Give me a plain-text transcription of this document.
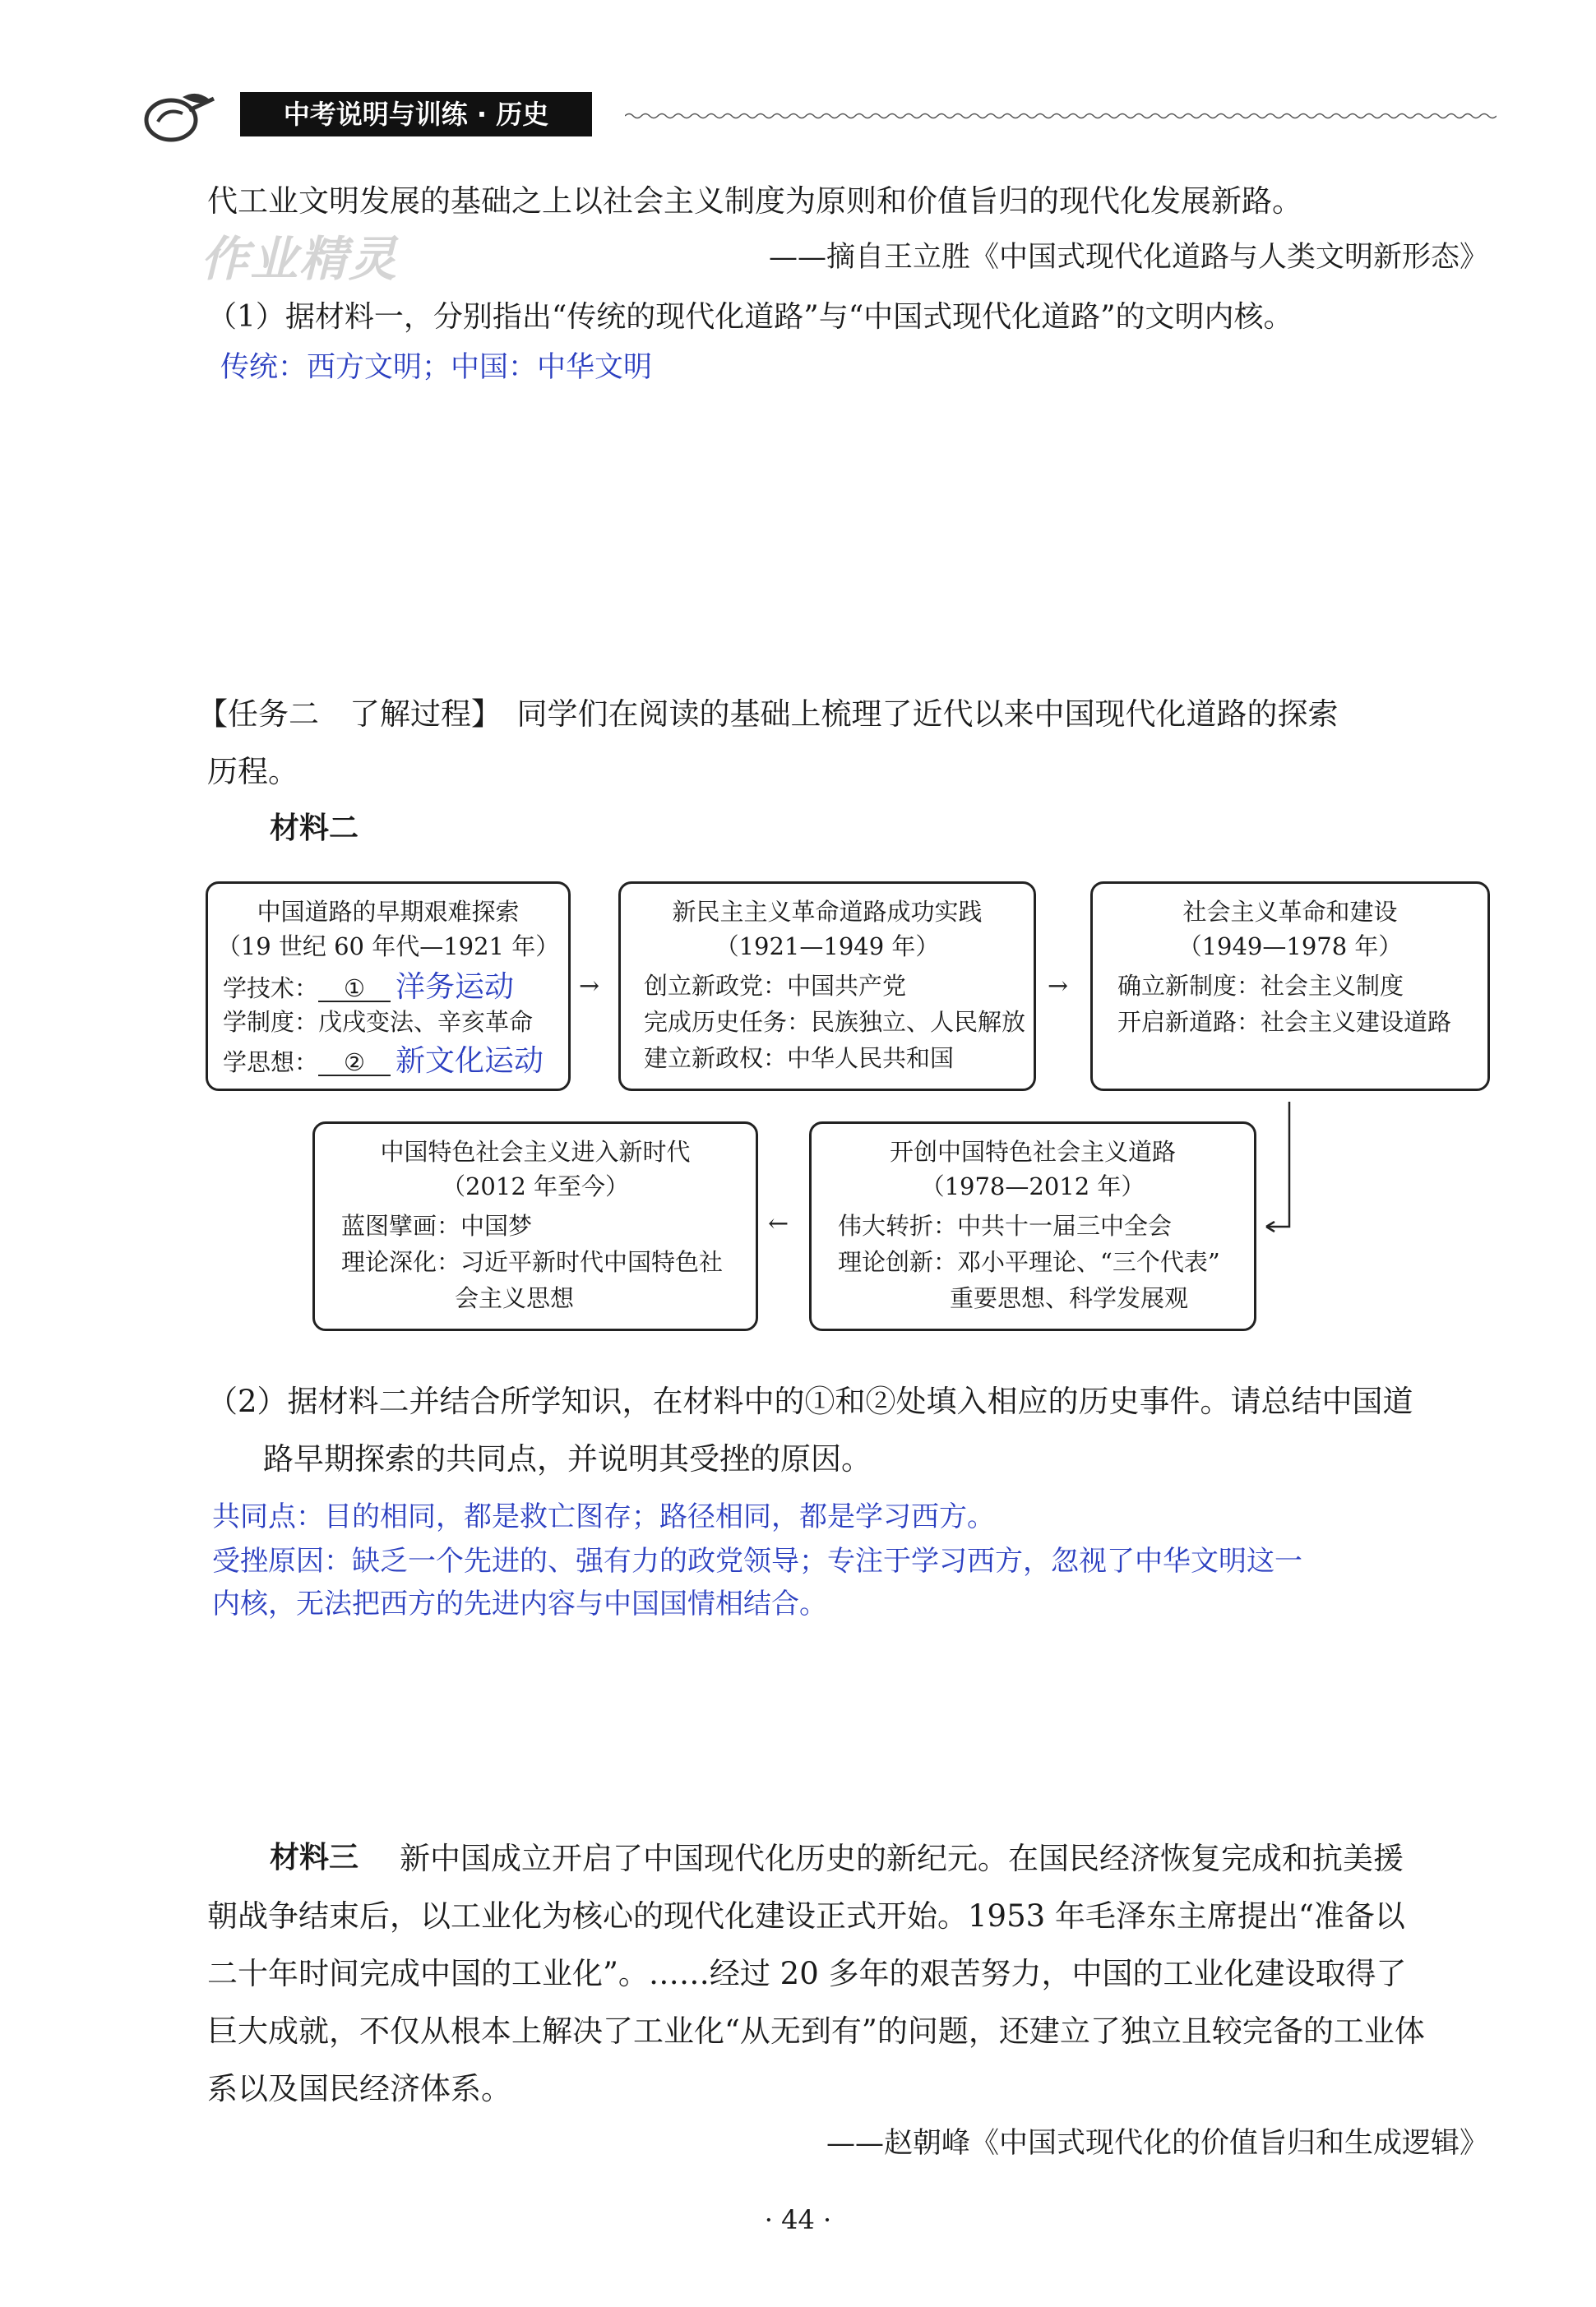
中考说明与训练 · 历史
代工业文明发展的基础之上以社会主义制度为原则和价值旨归的现代化发展新路。
作业精灵	——摘自王立胜《中国式现代化道路与人类文明新形态》
（1）据材料一，分别指出“传统的现代化道路”与“中国式现代化道路”的文明内核。
传统：西方文明；中国：中华文明
【任务二　了解过程】　同学们在阅读的基础上梳理了近代以来中国现代化道路的探索
历程。
材料二
中国道路的早期艰难探索
（19 世纪 60 年代—1921 年）
学技术： ① 洋务运动
学制度：戊戌变法、辛亥革命
学思想： ② 新文化运动
→
新民主主义革命道路成功实践
（1921—1949 年）
创立新政党：中国共产党
完成历史任务：民族独立、人民解放
建立新政权：中华人民共和国
→
社会主义革命和建设
（1949—1978 年）
确立新制度：社会主义制度
开启新道路：社会主义建设道路
开创中国特色社会主义道路
（1978—2012 年）
伟大转折：中共十一届三中全会
理论创新：邓小平理论、“三个代表”
重要思想、科学发展观
←
中国特色社会主义进入新时代
（2012 年至今）
蓝图擘画：中国梦
理论深化：习近平新时代中国特色社
会主义思想
（2）据材料二并结合所学知识，在材料中的①和②处填入相应的历史事件。请总结中国道
路早期探索的共同点，并说明其受挫的原因。
共同点：目的相同，都是救亡图存；路径相同，都是学习西方。
受挫原因：缺乏一个先进的、强有力的政党领导；专注于学习西方，忽视了中华文明这一
内核，无法把西方的先进内容与中国国情相结合。
材料三 新中国成立开启了中国现代化历史的新纪元。在国民经济恢复完成和抗美援
朝战争结束后，以工业化为核心的现代化建设正式开始。1953 年毛泽东主席提出“准备以
二十年时间完成中国的工业化”。……经过 20 多年的艰苦努力，中国的工业化建设取得了
巨大成就，不仅从根本上解决了工业化“从无到有”的问题，还建立了独立且较完备的工业体
系以及国民经济体系。
——赵朝峰《中国式现代化的价值旨归和生成逻辑》
· 44 ·
